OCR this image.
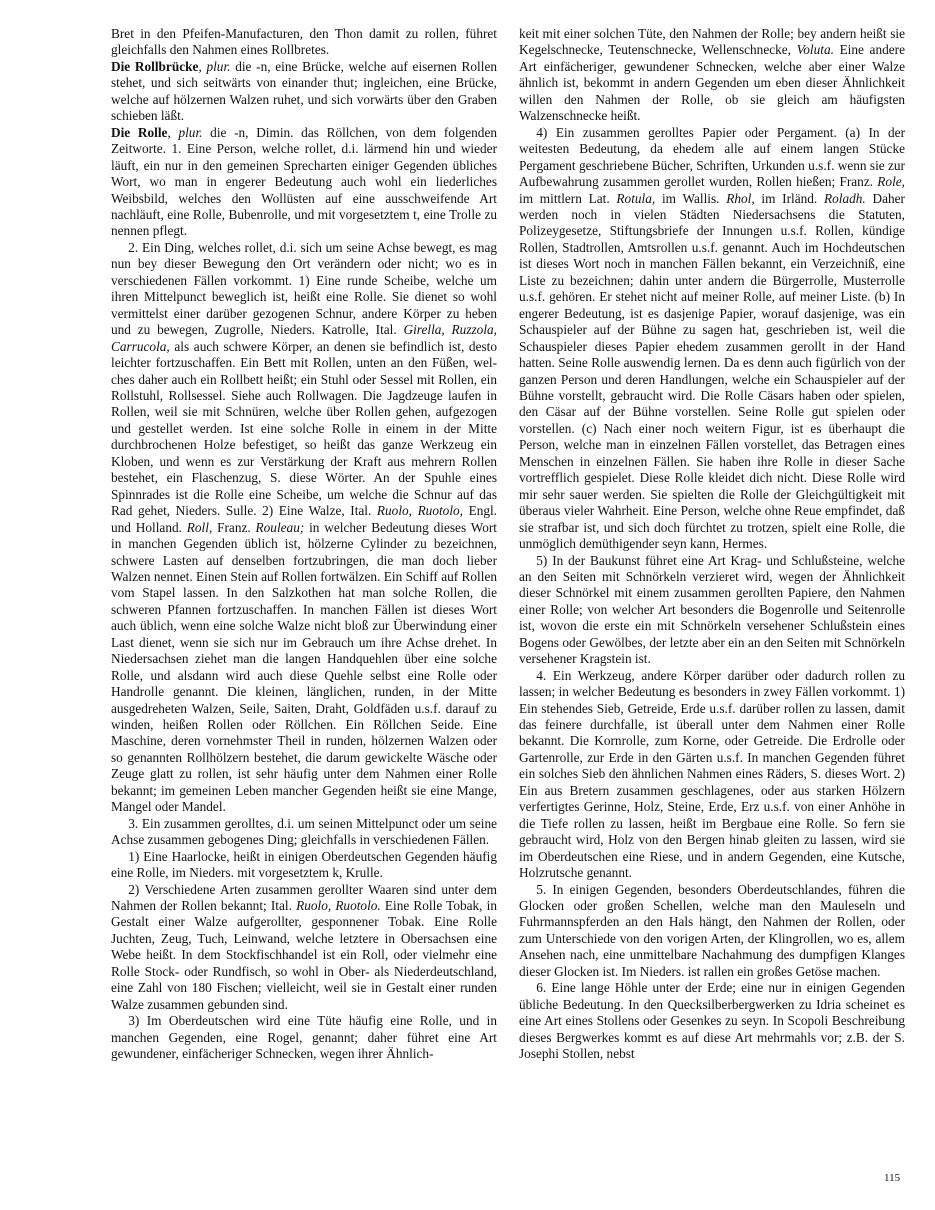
Bret in den Pfeifen-Manufacturen, den Thon damit zu rollen, führet gleichfalls den Nahmen eines Rollbretes.

Die Rollbrücke, plur. die -n, eine Brücke, welche auf eisernen Rollen stehet, und sich seitwärts von einander thut; ingleichen, eine Brücke, welche auf hölzernen Walzen ruhet, und sich vorwärts über den Graben schieben läßt.

Die Rolle, plur. die -n, Dimin. das Röllchen, von dem folgenden Zeitworte. 1. Eine Person, welche rollet, d.i. lärmend hin und wieder läuft, ein nur in den gemeinen Sprecharten einiger Gegenden übliches Wort, wo man in engerer Bedeutung auch wohl ein liederliches Weibsbild, welches den Wollüsten auf eine ausschweifende Art nachläuft, eine Rolle, Bubenrolle, und mit vorgesetztem t, eine Trolle zu nennen pflegt.

2. Ein Ding, welches rollet, d.i. sich um seine Achse bewegt, es mag nun bey dieser Bewegung den Ort verändern oder nicht; wo es in verschiedenen Fällen vorkommt. 1) Eine runde Scheibe, welche um ihren Mittelpunct beweglich ist, heißt eine Rolle. Sie dienet so wohl vermittelst einer darüber gezogenen Schnur, andere Körper zu heben und zu bewegen, Zugrolle, Nieders. Katrolle, Ital. Girella, Ruzzola, Carrucola, als auch schwere Körper, an denen sie befindlich ist, desto leichter fortzuschaffen. Ein Bett mit Rollen, unten an den Füßen, welches daher auch ein Rollbett heißt; ein Stuhl oder Sessel mit Rollen, ein Rollstuhl, Rollsessel. Siehe auch Rollwagen. Die Jagdzeuge laufen in Rollen, weil sie mit Schnüren, welche über Rollen gehen, aufgezogen und gestellet werden. Ist eine solche Rolle in einem in der Mitte durchbrochenen Holze befestiget, so heißt das ganze Werkzeug ein Kloben, und wenn es zur Verstärkung der Kraft aus mehrern Rollen bestehet, ein Flaschenzug, S. diese Wörter. An der Spuhle eines Spinnrades ist die Rolle eine Scheibe, um welche die Schnur auf das Rad gehet, Nieders. Sulle. 2) Eine Walze, Ital. Ruolo, Ruotolo, Engl. und Holland. Roll, Franz. Rouleau; in welcher Bedeutung dieses Wort in manchen Gegenden üblich ist, hölzerne Cylinder zu bezeichnen, schwere Lasten auf denselben fortzubringen, die man doch lieber Walzen nennet. Einen Stein auf Rollen fortwälzen. Ein Schiff auf Rollen vom Stapel lassen. In den Salzkothen hat man solche Rollen, die schweren Pfannen fortzuschaffen. In manchen Fällen ist dieses Wort auch üblich, wenn eine solche Walze nicht bloß zur Überwindung einer Last dienet, wenn sie sich nur im Gebrauch um ihre Achse drehet. In Niedersachsen ziehet man die langen Handquehlen über eine solche Rolle, und alsdann wird auch diese Quehle selbst eine Rolle oder Handrolle genannt. Die kleinen, länglichen, runden, in der Mitte ausgedreheten Walzen, Seile, Saiten, Draht, Goldfäden u.s.f. darauf zu winden, heißen Rollen oder Röllchen. Ein Röllchen Seide. Eine Maschine, deren vornehmster Theil in runden, hölzernen Walzen oder so genannten Rollhölzern bestehet, die darum gewickelte Wäsche oder Zeuge glatt zu rollen, ist sehr häufig unter dem Nahmen einer Rolle bekannt; im gemeinen Leben mancher Gegenden heißt sie eine Mange, Mangel oder Mandel.

3. Ein zusammen gerolltes, d.i. um seinen Mittelpunct oder um seine Achse zusammen gebogenes Ding; gleichfalls in verschiedenen Fällen.

1) Eine Haarlocke, heißt in einigen Oberdeutschen Gegenden häufig eine Rolle, im Nieders. mit vorgesetztem k, Krulle.

2) Verschiedene Arten zusammen gerollter Waaren sind unter dem Nahmen der Rollen bekannt; Ital. Ruolo, Ruotolo. Eine Rolle Tobak, in Gestalt einer Walze aufgerollter, gesponnener Tobak. Eine Rolle Juchten, Zeug, Tuch, Leinwand, welche letztere in Obersachsen eine Webe heißt. In dem Stockfischhandel ist ein Roll, oder vielmehr eine Rolle Stock- oder Rundfisch, so wohl in Ober- als Niederdeutschland, eine Zahl von 180 Fischen; vielleicht, weil sie in Gestalt einer runden Walze zusammen gebunden sind.

3) Im Oberdeutschen wird eine Tüte häufig eine Rolle, und in manchen Gegenden, eine Rogel, genannt; daher führet eine Art gewundener, einfächeriger Schnecken, wegen ihrer Ähnlich-

keit mit einer solchen Tüte, den Nahmen der Rolle; bey andern heißt sie Kegelschnecke, Teutenschnecke, Wellenschnecke, Voluta. Eine andere Art einfächeriger, gewundener Schnecken, welche aber einer Walze ähnlich ist, bekommt in andern Gegenden um eben dieser Ähnlichkeit willen den Nahmen der Rolle, ob sie gleich am häufigsten Walzenschnecke heißt.

4) Ein zusammen gerolltes Papier oder Pergament. (a) In der weitesten Bedeutung, da ehedem alle auf einem langen Stücke Pergament geschriebene Bücher, Schriften, Urkunden u.s.f. wenn sie zur Aufbewahrung zusammen gerollet wurden, Rollen hießen; Franz. Role, im mittlern Lat. Rotula, im Wallis. Rhol, im Irländ. Roladh. Daher werden noch in vielen Städten Niedersachsens die Statuten, Polizeygesetze, Stiftungsbriefe der Innungen u.s.f. Rollen, kündige Rollen, Stadtrollen, Amtsrollen u.s.f. genannt. Auch im Hochdeutschen ist dieses Wort noch in manchen Fällen bekannt, ein Verzeichniß, eine Liste zu bezeichnen; dahin unter andern die Bürgerrolle, Musterrolle u.s.f. gehören. Er stehet nicht auf meiner Rolle, auf meiner Liste. (b) In engerer Bedeutung, ist es dasjenige Papier, worauf dasjenige, was ein Schauspieler auf der Bühne zu sagen hat, geschrieben ist, weil die Schauspieler dieses Papier ehedem zusammen gerollt in der Hand hatten. Seine Rolle auswendig lernen. Da es denn auch figürlich von der ganzen Person und deren Handlungen, welche ein Schauspieler auf der Bühne vorstellt, gebraucht wird. Die Rolle Cäsars haben oder spielen, den Cäsar auf der Bühne vorstellen. Seine Rolle gut spielen oder vorstellen. (c) Nach einer noch weitern Figur, ist es überhaupt die Person, welche man in einzelnen Fällen vorstellet, das Betragen eines Menschen in einzelnen Fällen. Sie haben ihre Rolle in dieser Sache vortrefflich gespielet. Diese Rolle kleidet dich nicht. Diese Rolle wird mir sehr sauer werden. Sie spielten die Rolle der Gleichgültigkeit mit überaus vieler Wahrheit. Eine Person, welche ohne Reue empfindet, daß sie strafbar ist, und sich doch fürchtet zu trotzen, spielt eine Rolle, die unmöglich demüthigender seyn kann, Hermes.

5) In der Baukunst führet eine Art Krag- und Schlußsteine, welche an den Seiten mit Schnörkeln verzieret wird, wegen der Ähnlichkeit dieser Schnörkel mit einem zusammen gerollten Papiere, den Nahmen einer Rolle; von welcher Art besonders die Bogenrolle und Seitenrolle ist, wovon die erste ein mit Schnörkeln versehener Schlußstein eines Bogens oder Gewölbes, der letzte aber ein an den Seiten mit Schnörkeln versehener Kragstein ist.

4. Ein Werkzeug, andere Körper darüber oder dadurch rollen zu lassen; in welcher Bedeutung es besonders in zwey Fällen vorkommt. 1) Ein stehendes Sieb, Getreide, Erde u.s.f. darüber rollen zu lassen, damit das feinere durchfalle, ist überall unter dem Nahmen einer Rolle bekannt. Die Kornrolle, zum Korne, oder Getreide. Die Erdrolle oder Gartenrolle, zur Erde in den Gärten u.s.f. In manchen Gegenden führet ein solches Sieb den ähnlichen Nahmen eines Räders, S. dieses Wort. 2) Ein aus Bretern zusammen geschlagenes, oder aus starken Hölzern verfertigtes Gerinne, Holz, Steine, Erde, Erz u.s.f. von einer Anhöhe in die Tiefe rollen zu lassen, heißt im Bergbaue eine Rolle. So fern sie gebraucht wird, Holz von den Bergen hinab gleiten zu lassen, wird sie im Oberdeutschen eine Riese, und in andern Gegenden, eine Kutsche, Holzrutsche genannt.

5. In einigen Gegenden, besonders Oberdeutschlandes, führen die Glocken oder großen Schellen, welche man den Mauleseln und Fuhrmannspferden an den Hals hängt, den Nahmen der Rollen, oder zum Unterschiede von den vorigen Arten, der Klingrollen, wo es, allem Ansehen nach, eine unmittelbare Nachahmung des dumpfigen Klanges dieser Glocken ist. Im Nieders. ist rallen ein großes Getöse machen.

6. Eine lange Höhle unter der Erde; eine nur in einigen Gegenden übliche Bedeutung. In den Quecksilberbergwerken zu Idria scheinet es eine Art eines Stollens oder Gesenkes zu seyn. In Scopoli Beschreibung dieses Bergwerkes kommt es auf diese Art mehrmahls vor; z.B. der S. Josephi Stollen, nebst

115
